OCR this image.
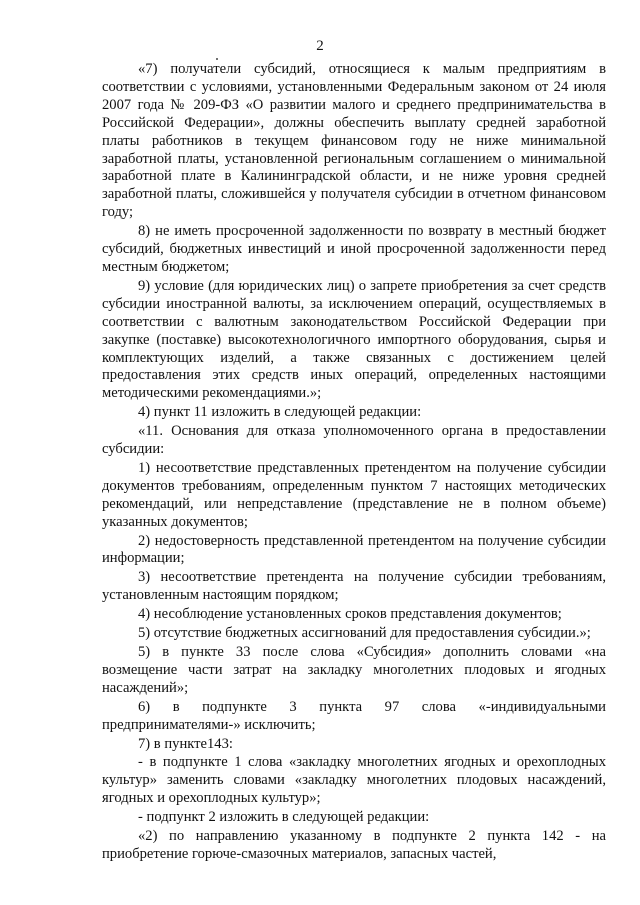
2

«7) получатели субсидий, относящиеся к малым предприятиям в соответствии с условиями, установленными Федеральным законом от 24 июля 2007 года № 209-ФЗ «О развитии малого и среднего предпринимательства в Российской Федерации», должны обеспечить выплату средней заработной платы работников в текущем финансовом году не ниже минимальной заработной платы, установленной региональным соглашением о минимальной заработной плате в Калининградской области, и не ниже уровня средней заработной платы, сложившейся у получателя субсидии в отчетном финансовом году;

8) не иметь просроченной задолженности по возврату в местный бюджет субсидий, бюджетных инвестиций и иной просроченной задолженности перед местным бюджетом;

9) условие (для юридических лиц) о запрете приобретения за счет средств субсидии иностранной валюты, за исключением операций, осуществляемых в соответствии с валютным законодательством Российской Федерации при закупке (поставке) высокотехнологичного импортного оборудования, сырья и комплектующих изделий, а также связанных с достижением целей предоставления этих средств иных операций, определенных настоящими методическими рекомендациями.»;

4) пункт 11 изложить в следующей редакции:

«11. Основания для отказа уполномоченного органа в предоставлении субсидии:

1) несоответствие представленных претендентом на получение субсидии документов требованиям, определенным пунктом 7 настоящих методических рекомендаций, или непредставление (представление не в полном объеме) указанных документов;

2) недостоверность представленной претендентом на получение субсидии информации;

3) несоответствие претендента на получение субсидии требованиям, установленным настоящим порядком;

4) несоблюдение установленных сроков представления документов;

5) отсутствие бюджетных ассигнований для предоставления субсидии.»;

5) в пункте 33 после слова «Субсидия» дополнить словами «на возмещение части затрат на закладку многолетних плодовых и ягодных насаждений»;

6) в подпункте 3 пункта 97 слова «-индивидуальными предпринимателями-» исключить;

7) в пункте143:

- в подпункте 1 слова «закладку многолетних ягодных и орехоплодных культур» заменить словами «закладку многолетних плодовых насаждений, ягодных и орехоплодных культур»;

- подпункт 2 изложить в следующей редакции:

«2) по направлению указанному в подпункте 2 пункта 142 - на приобретение горюче-смазочных материалов, запасных частей,
